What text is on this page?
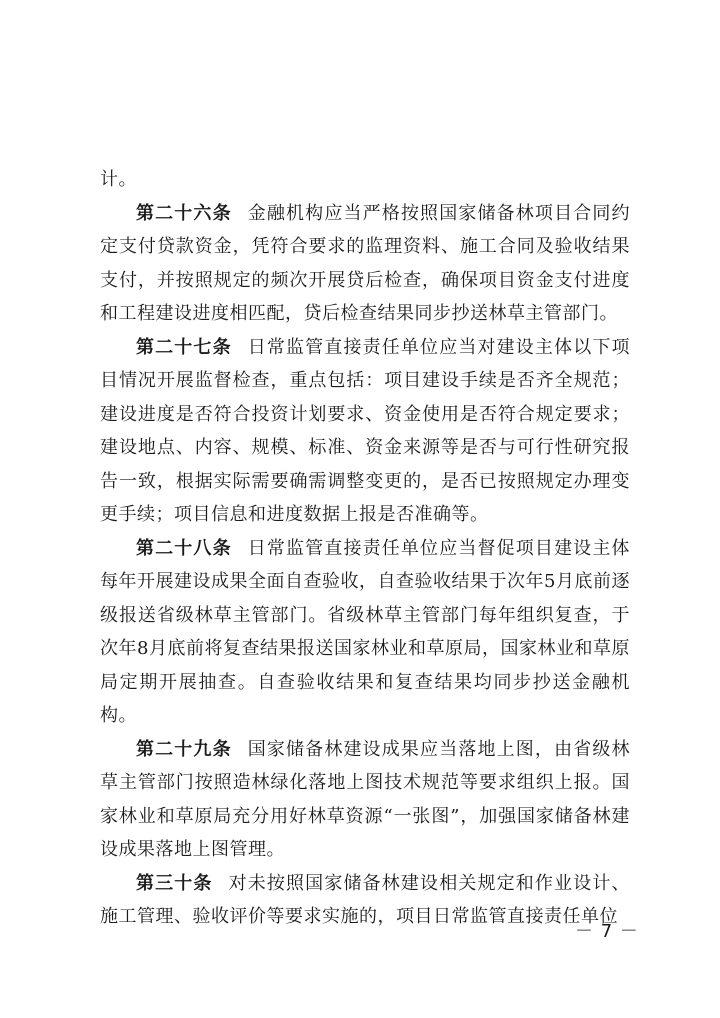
计。

第二十六条 金融机构应当严格按照国家储备林项目合同约定支付贷款资金，凭符合要求的监理资料、施工合同及验收结果支付，并按照规定的频次开展贷后检查，确保项目资金支付进度和工程建设进度相匹配，贷后检查结果同步抄送林草主管部门。

第二十七条 日常监管直接责任单位应当对建设主体以下项目情况开展监督检查，重点包括：项目建设手续是否齐全规范；建设进度是否符合投资计划要求、资金使用是否符合规定要求；建设地点、内容、规模、标准、资金来源等是否与可行性研究报告一致，根据实际需要确需调整变更的，是否已按照规定办理变更手续；项目信息和进度数据上报是否准确等。

第二十八条 日常监管直接责任单位应当督促项目建设主体每年开展建设成果全面自查验收，自查验收结果于次年5月底前逐级报送省级林草主管部门。省级林草主管部门每年组织复查，于次年8月底前将复查结果报送国家林业和草原局，国家林业和草原局定期开展抽查。自查验收结果和复查结果均同步抄送金融机构。

第二十九条 国家储备林建设成果应当落地上图，由省级林草主管部门按照造林绿化落地上图技术规范等要求组织上报。国家林业和草原局充分用好林草资源“一张图”，加强国家储备林建设成果落地上图管理。

第三十条 对未按照国家储备林建设相关规定和作业设计、施工管理、验收评价等要求实施的，项目日常监管直接责任单位

－ 7 －
